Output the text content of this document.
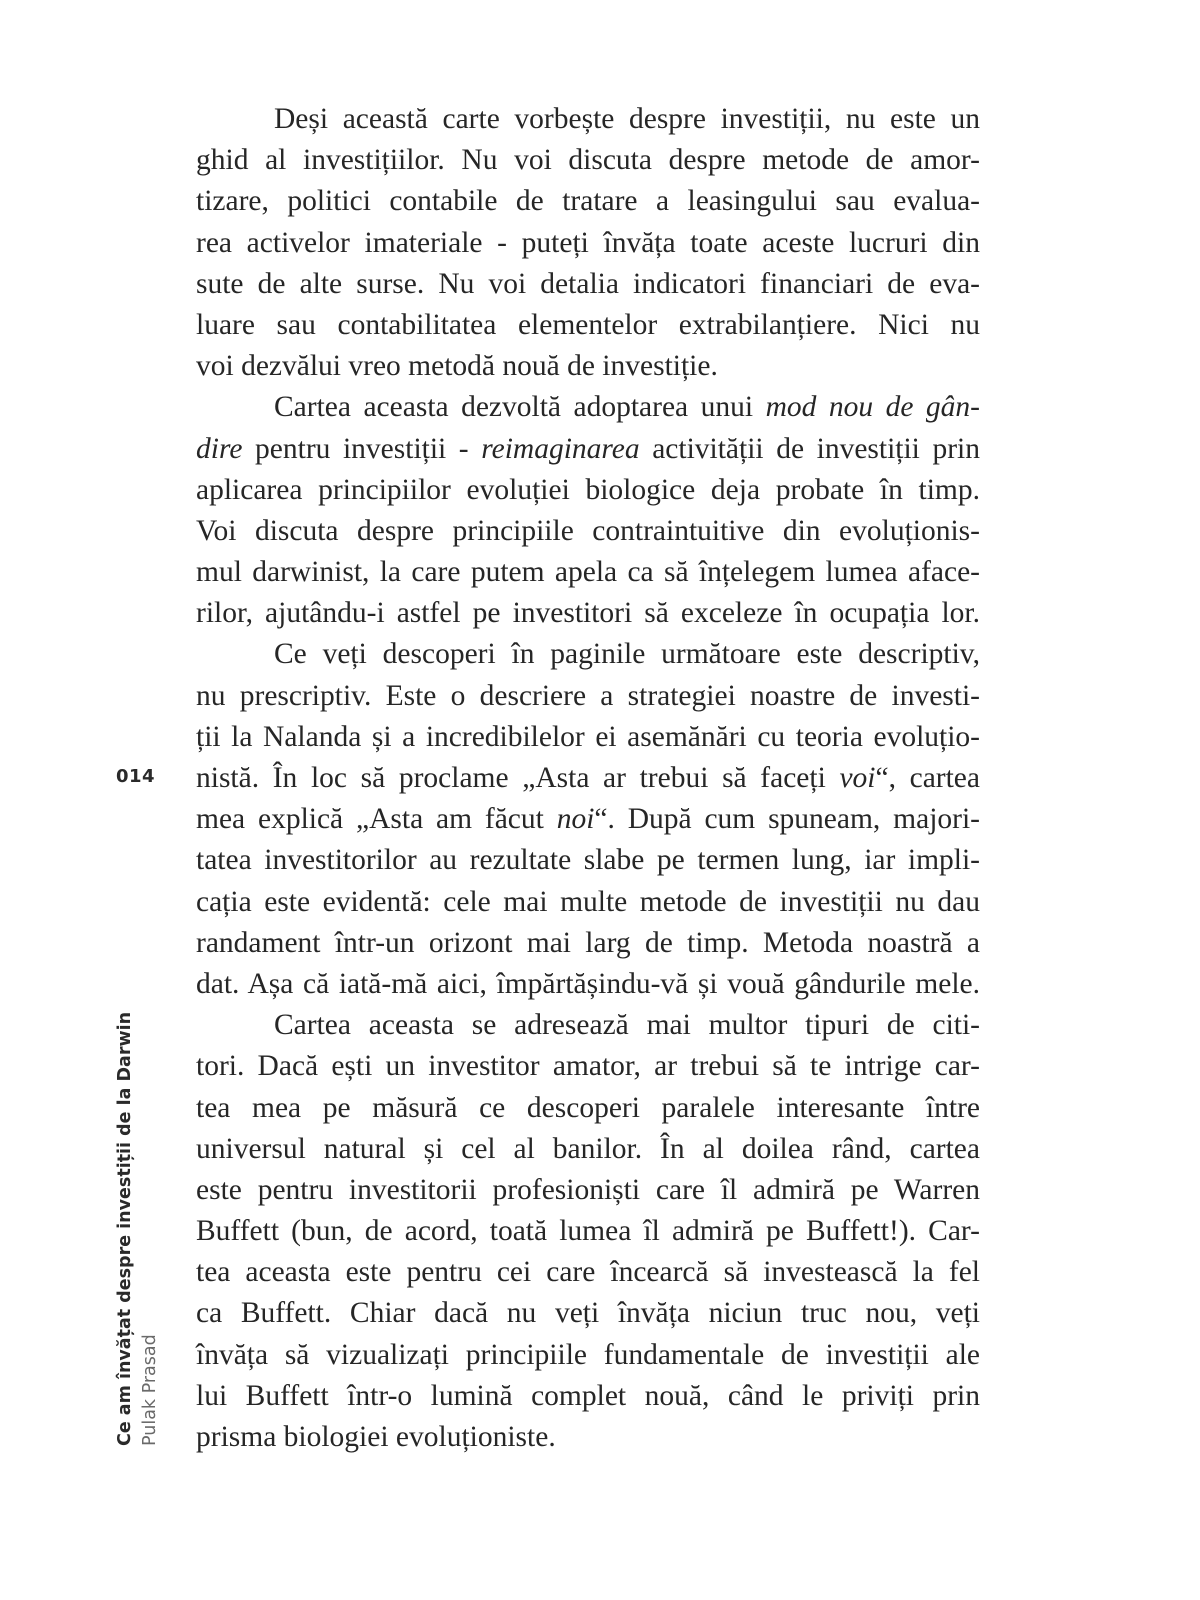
Deși această carte vorbește despre investiții, nu este un
ghid al investițiilor. Nu voi discuta despre metode de amor-
tizare, politici contabile de tratare a leasingului sau evalua-
rea activelor imateriale - puteți învăța toate aceste lucruri din
sute de alte surse. Nu voi detalia indicatori financiari de eva-
luare sau contabilitatea elementelor extrabilanțiere. Nici nu
voi dezvălui vreo metodă nouă de investiție.
Cartea aceasta dezvoltă adoptarea unui mod nou de gân-
dire pentru investiții - reimaginarea activității de investiții prin
aplicarea principiilor evoluției biologice deja probate în timp.
Voi discuta despre principiile contraintuitive din evoluționis-
mul darwinist, la care putem apela ca să înțelegem lumea aface-
rilor, ajutându-i astfel pe investitori să exceleze în ocupația lor.
Ce veți descoperi în paginile următoare este descriptiv,
nu prescriptiv. Este o descriere a strategiei noastre de investi-
ții la Nalanda și a incredibilelor ei asemănări cu teoria evoluțio-
nistă. În loc să proclame „Asta ar trebui să faceți voi“, cartea
mea explică „Asta am făcut noi“. După cum spuneam, majori-
tatea investitorilor au rezultate slabe pe termen lung, iar impli-
cația este evidentă: cele mai multe metode de investiții nu dau
randament într-un orizont mai larg de timp. Metoda noastră a
dat. Așa că iată-mă aici, împărtășindu-vă și vouă gândurile mele.
Cartea aceasta se adresează mai multor tipuri de citi-
tori. Dacă ești un investitor amator, ar trebui să te intrige car-
tea mea pe măsură ce descoperi paralele interesante între
universul natural și cel al banilor. În al doilea rând, cartea
este pentru investitorii profesioniști care îl admiră pe Warren
Buffett (bun, de acord, toată lumea îl admiră pe Buffett!). Car-
tea aceasta este pentru cei care încearcă să investească la fel
ca Buffett. Chiar dacă nu veți învăța niciun truc nou, veți
învăța să vizualizați principiile fundamentale de investiții ale
lui Buffett într-o lumină complet nouă, când le priviți prin
prisma biologiei evoluționiste.
014
Ce am învățat despre investiții de la Darwin Pulak Prasad
